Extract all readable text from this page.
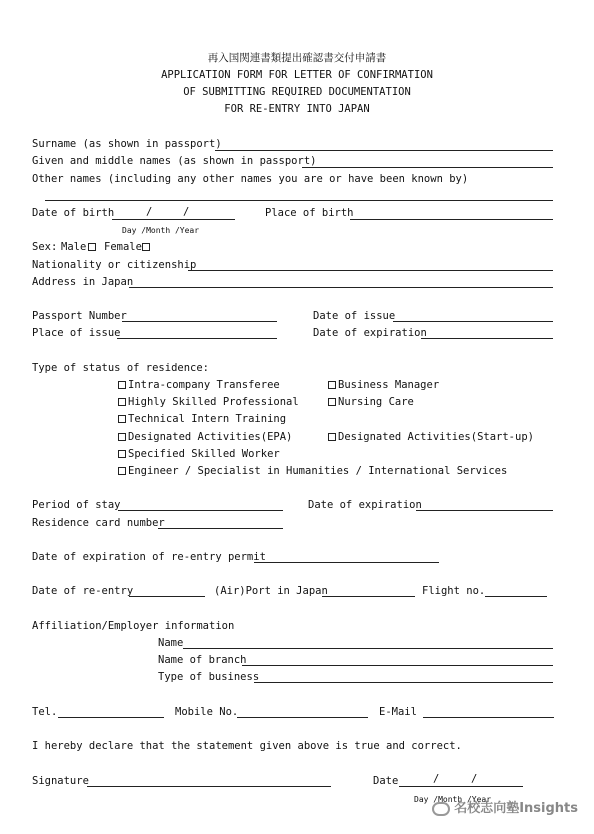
再入国関連書類提出確認書交付申請書
APPLICATION FORM FOR LETTER OF CONFIRMATION
OF SUBMITTING REQUIRED DOCUMENTATION
FOR RE-ENTRY INTO JAPAN
Surname (as shown in passport)
Given and middle names (as shown in passport)
Other names (including any other names you are or have been known by)
Date of birth	/	/
Day /Month /Year
Place of birth
Sex: Male Female
Nationality or citizenship
Address in Japan
Passport Number	Date of issue
Place of issue	Date of expiration
Type of status of residence:
Intra-company Transferee	Business Manager
Highly Skilled Professional	Nursing Care
Technical Intern Training
Designated Activities(EPA)	Designated Activities(Start-up)
Specified Skilled Worker
Engineer / Specialist in Humanities / International Services
Period of stay	Date of expiration
Residence card number
Date of expiration of re-entry permit
Date of re-entry	(Air)Port in Japan	Flight no.
Affiliation/Employer information
Name
Name of branch
Type of business
Tel.	Mobile No.	E-Mail
I hereby declare that the statement given above is true and correct.
Signature	Date	/	/
Day /Month /Year
名校志向塾Insights
